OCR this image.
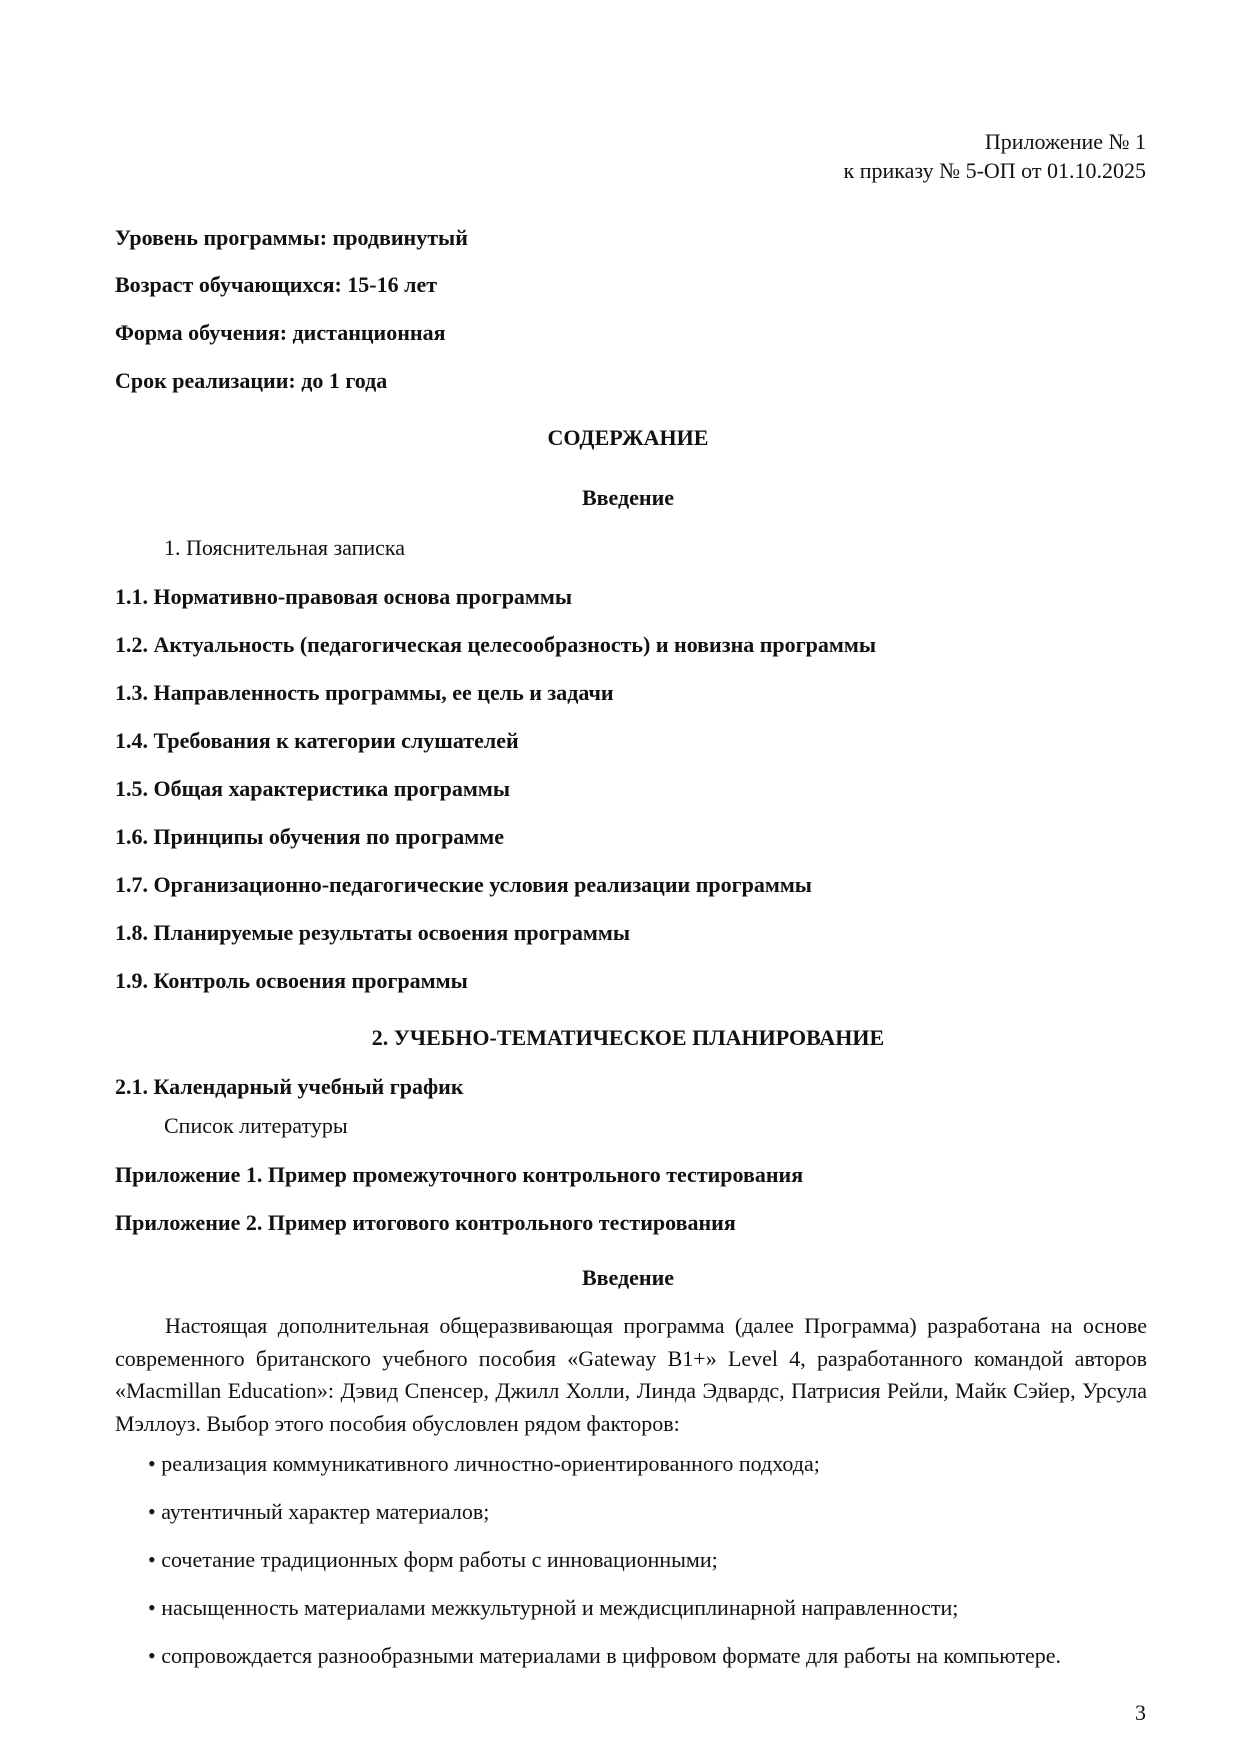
Приложение № 1
к приказу № 5-ОП от 01.10.2025
Уровень программы: продвинутый
Возраст обучающихся: 15-16 лет
Форма обучения: дистанционная
Срок реализации: до 1 года
СОДЕРЖАНИЕ
Введение
1. Пояснительная записка
1.1. Нормативно-правовая основа программы
1.2. Актуальность (педагогическая целесообразность) и новизна программы
1.3. Направленность программы, ее цель и задачи
1.4. Требования к категории слушателей
1.5. Общая характеристика программы
1.6. Принципы обучения по программе
1.7. Организационно-педагогические условия реализации программы
1.8. Планируемые результаты освоения программы
1.9. Контроль освоения программы
2. УЧЕБНО-ТЕМАТИЧЕСКОЕ ПЛАНИРОВАНИЕ
2.1. Календарный учебный график
Список литературы
Приложение 1. Пример промежуточного контрольного тестирования
Приложение 2. Пример итогового контрольного тестирования
Введение
Настоящая дополнительная общеразвивающая программа (далее Программа) разработана на основе современного британского учебного пособия «Gateway B1+» Level 4, разработанного командой авторов «Macmillan Education»: Дэвид Спенсер, Джилл Холли, Линда Эдвардс, Патрисия Рейли, Майк Сэйер, Урсула Мэллоуз. Выбор этого пособия обусловлен рядом факторов:
• реализация коммуникативного личностно-ориентированного подхода;
• аутентичный характер материалов;
• сочетание традиционных форм работы с инновационными;
• насыщенность материалами межкультурной и междисциплинарной направленности;
• сопровождается разнообразными материалами в цифровом формате для работы на компьютере.
3
